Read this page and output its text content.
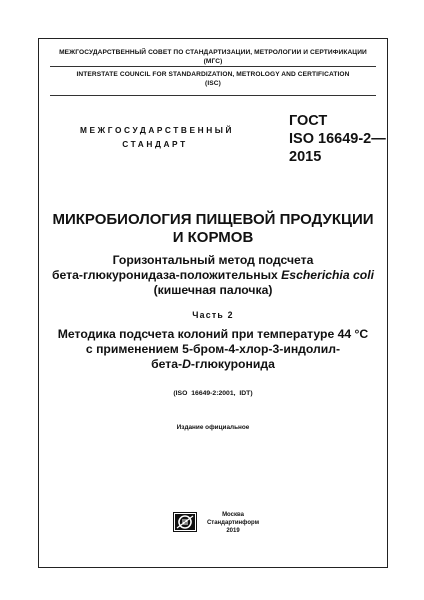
МЕЖГОСУДАРСТВЕННЫЙ СОВЕТ ПО СТАНДАРТИЗАЦИИ, МЕТРОЛОГИИ И СЕРТИФИКАЦИИ
(МГС)
INTERSTATE COUNCIL FOR STANDARDIZATION, METROLOGY AND CERTIFICATION
(ISC)
МЕЖГОСУДАРСТВЕННЫЙ
СТАНДАРТ
ГОСТ
ISO 16649-2—
2015
МИКРОБИОЛОГИЯ ПИЩЕВОЙ ПРОДУКЦИИ
И КОРМОВ
Горизонтальный метод подсчета
бета-глюкуронидаза-положительных Escherichia coli
(кишечная палочка)
Часть 2
Методика подсчета колоний при температуре 44 °С
с применением 5-бром-4-хлор-3-индолил-
бета-D-глюкуронида
(ISO 16649-2:2001, IDT)
Издание официальное
Москва
Стандартинформ
2019
